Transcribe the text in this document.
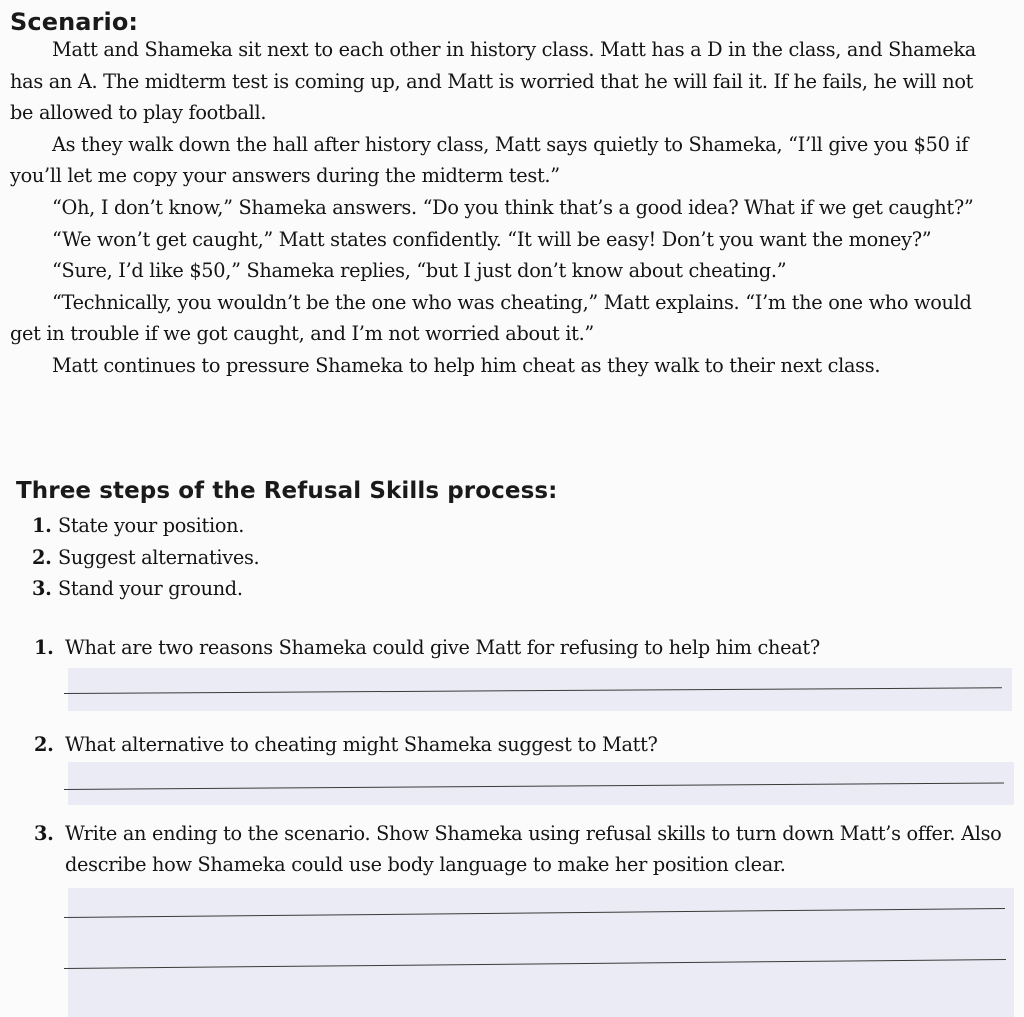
Scenario:

Matt and Shameka sit next to each other in history class. Matt has a D in the class, and Shameka has an A. The midterm test is coming up, and Matt is worried that he will fail it. If he fails, he will not be allowed to play football.

As they walk down the hall after history class, Matt says quietly to Shameka, “I’ll give you $50 if you’ll let me copy your answers during the midterm test.”

“Oh, I don’t know,” Shameka answers. “Do you think that’s a good idea? What if we get caught?”

“We won’t get caught,” Matt states confidently. “It will be easy! Don’t you want the money?”

“Sure, I’d like $50,” Shameka replies, “but I just don’t know about cheating.”

“Technically, you wouldn’t be the one who was cheating,” Matt explains. “I’m the one who would get in trouble if we got caught, and I’m not worried about it.”

Matt continues to pressure Shameka to help him cheat as they walk to their next class.

Three steps of the Refusal Skills process:
1. State your position.
2. Suggest alternatives.
3. Stand your ground.
1. What are two reasons Shameka could give Matt for refusing to help him cheat?
2. What alternative to cheating might Shameka suggest to Matt?
3. Write an ending to the scenario. Show Shameka using refusal skills to turn down Matt’s offer. Also describe how Shameka could use body language to make her position clear.
